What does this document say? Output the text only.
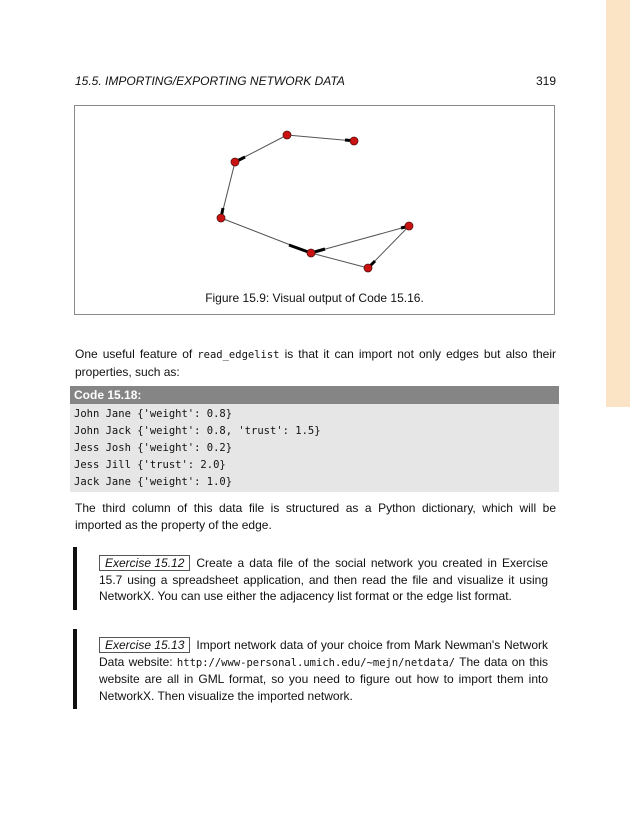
15.5. IMPORTING/EXPORTING NETWORK DATA	319
Figure 15.9: Visual output of Code 15.16.
One useful feature of read_edgelist is that it can import not only edges but also their properties, such as:
Code 15.18:
John Jane {'weight': 0.8}
John Jack {'weight': 0.8, 'trust': 1.5}
Jess Josh {'weight': 0.2}
Jess Jill {'trust': 2.0}
Jack Jane {'weight': 1.0}
The third column of this data file is structured as a Python dictionary, which will be imported as the property of the edge.
Exercise 15.12 Create a data file of the social network you created in Exercise 15.7 using a spreadsheet application, and then read the file and visualize it using NetworkX. You can use either the adjacency list format or the edge list format.
Exercise 15.13 Import network data of your choice from Mark Newman's Network Data website: http://www-personal.umich.edu/~mejn/netdata/ The data on this website are all in GML format, so you need to figure out how to import them into NetworkX. Then visualize the imported network.
